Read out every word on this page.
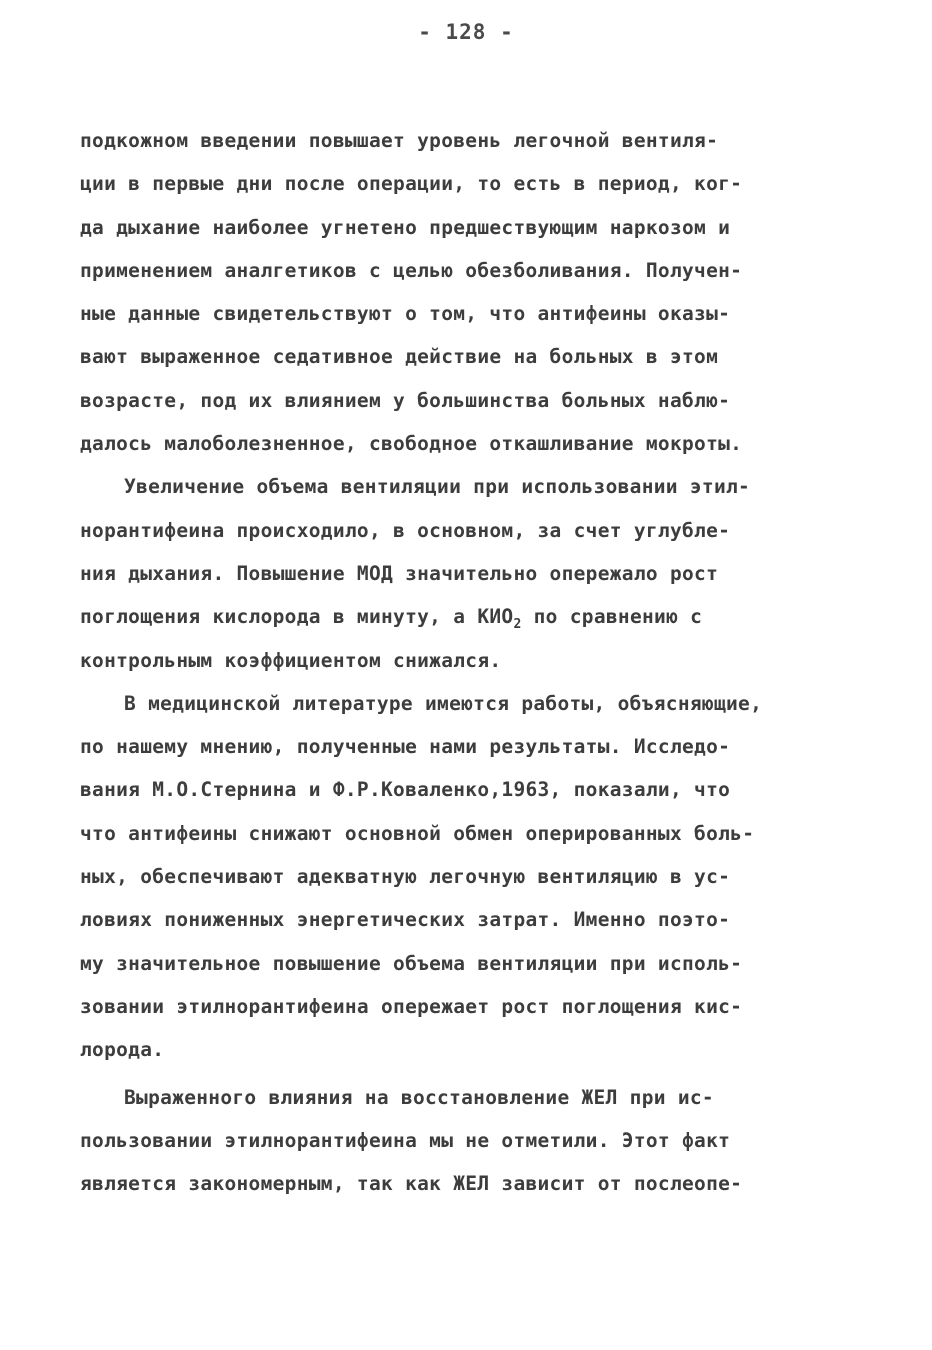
- 128 -
подкожном введении повышает уровень легочной вентиля-
ции в первые дни после операции, то есть в период, ког-
да дыхание наиболее угнетено предшествующим наркозом и
применением аналгетиков с целью обезболивания. Получен-
ные данные свидетельствуют о том, что антифеины оказы-
вают выраженное седативное действие на больных в этом
возрасте, под их влиянием у большинства больных наблю-
далось малоболезненное, свободное откашливание мокроты.
Увеличение объема вентиляции при использовании этил-
норантифеина происходило, в основном, за счет углубле-
ния дыхания. Повышение МОД значительно опережало рост
поглощения кислорода в минуту, а $КИО_2$ по сравнению с
контрольным коэффициентом снижался.
В медицинской литературе имеются работы, объясняющие,
по нашему мнению, полученные нами результаты. Исследо-
вания М.О.Стернина и Ф.Р.Коваленко,1963, показали, что
что антифеины снижают основной обмен оперированных боль-
ных, обеспечивают адекватную легочную вентиляцию в ус-
ловиях пониженных энергетических затрат. Именно поэто-
му значительное повышение объема вентиляции при исполь-
зовании этилнорантифеина опережает рост поглощения кис-
лорода.
Выраженного влияния на восстановление ЖЕЛ при ис-
пользовании этилнорантифеина мы не отметили. Этот факт
является закономерным, так как ЖЕЛ зависит от послеопе-
